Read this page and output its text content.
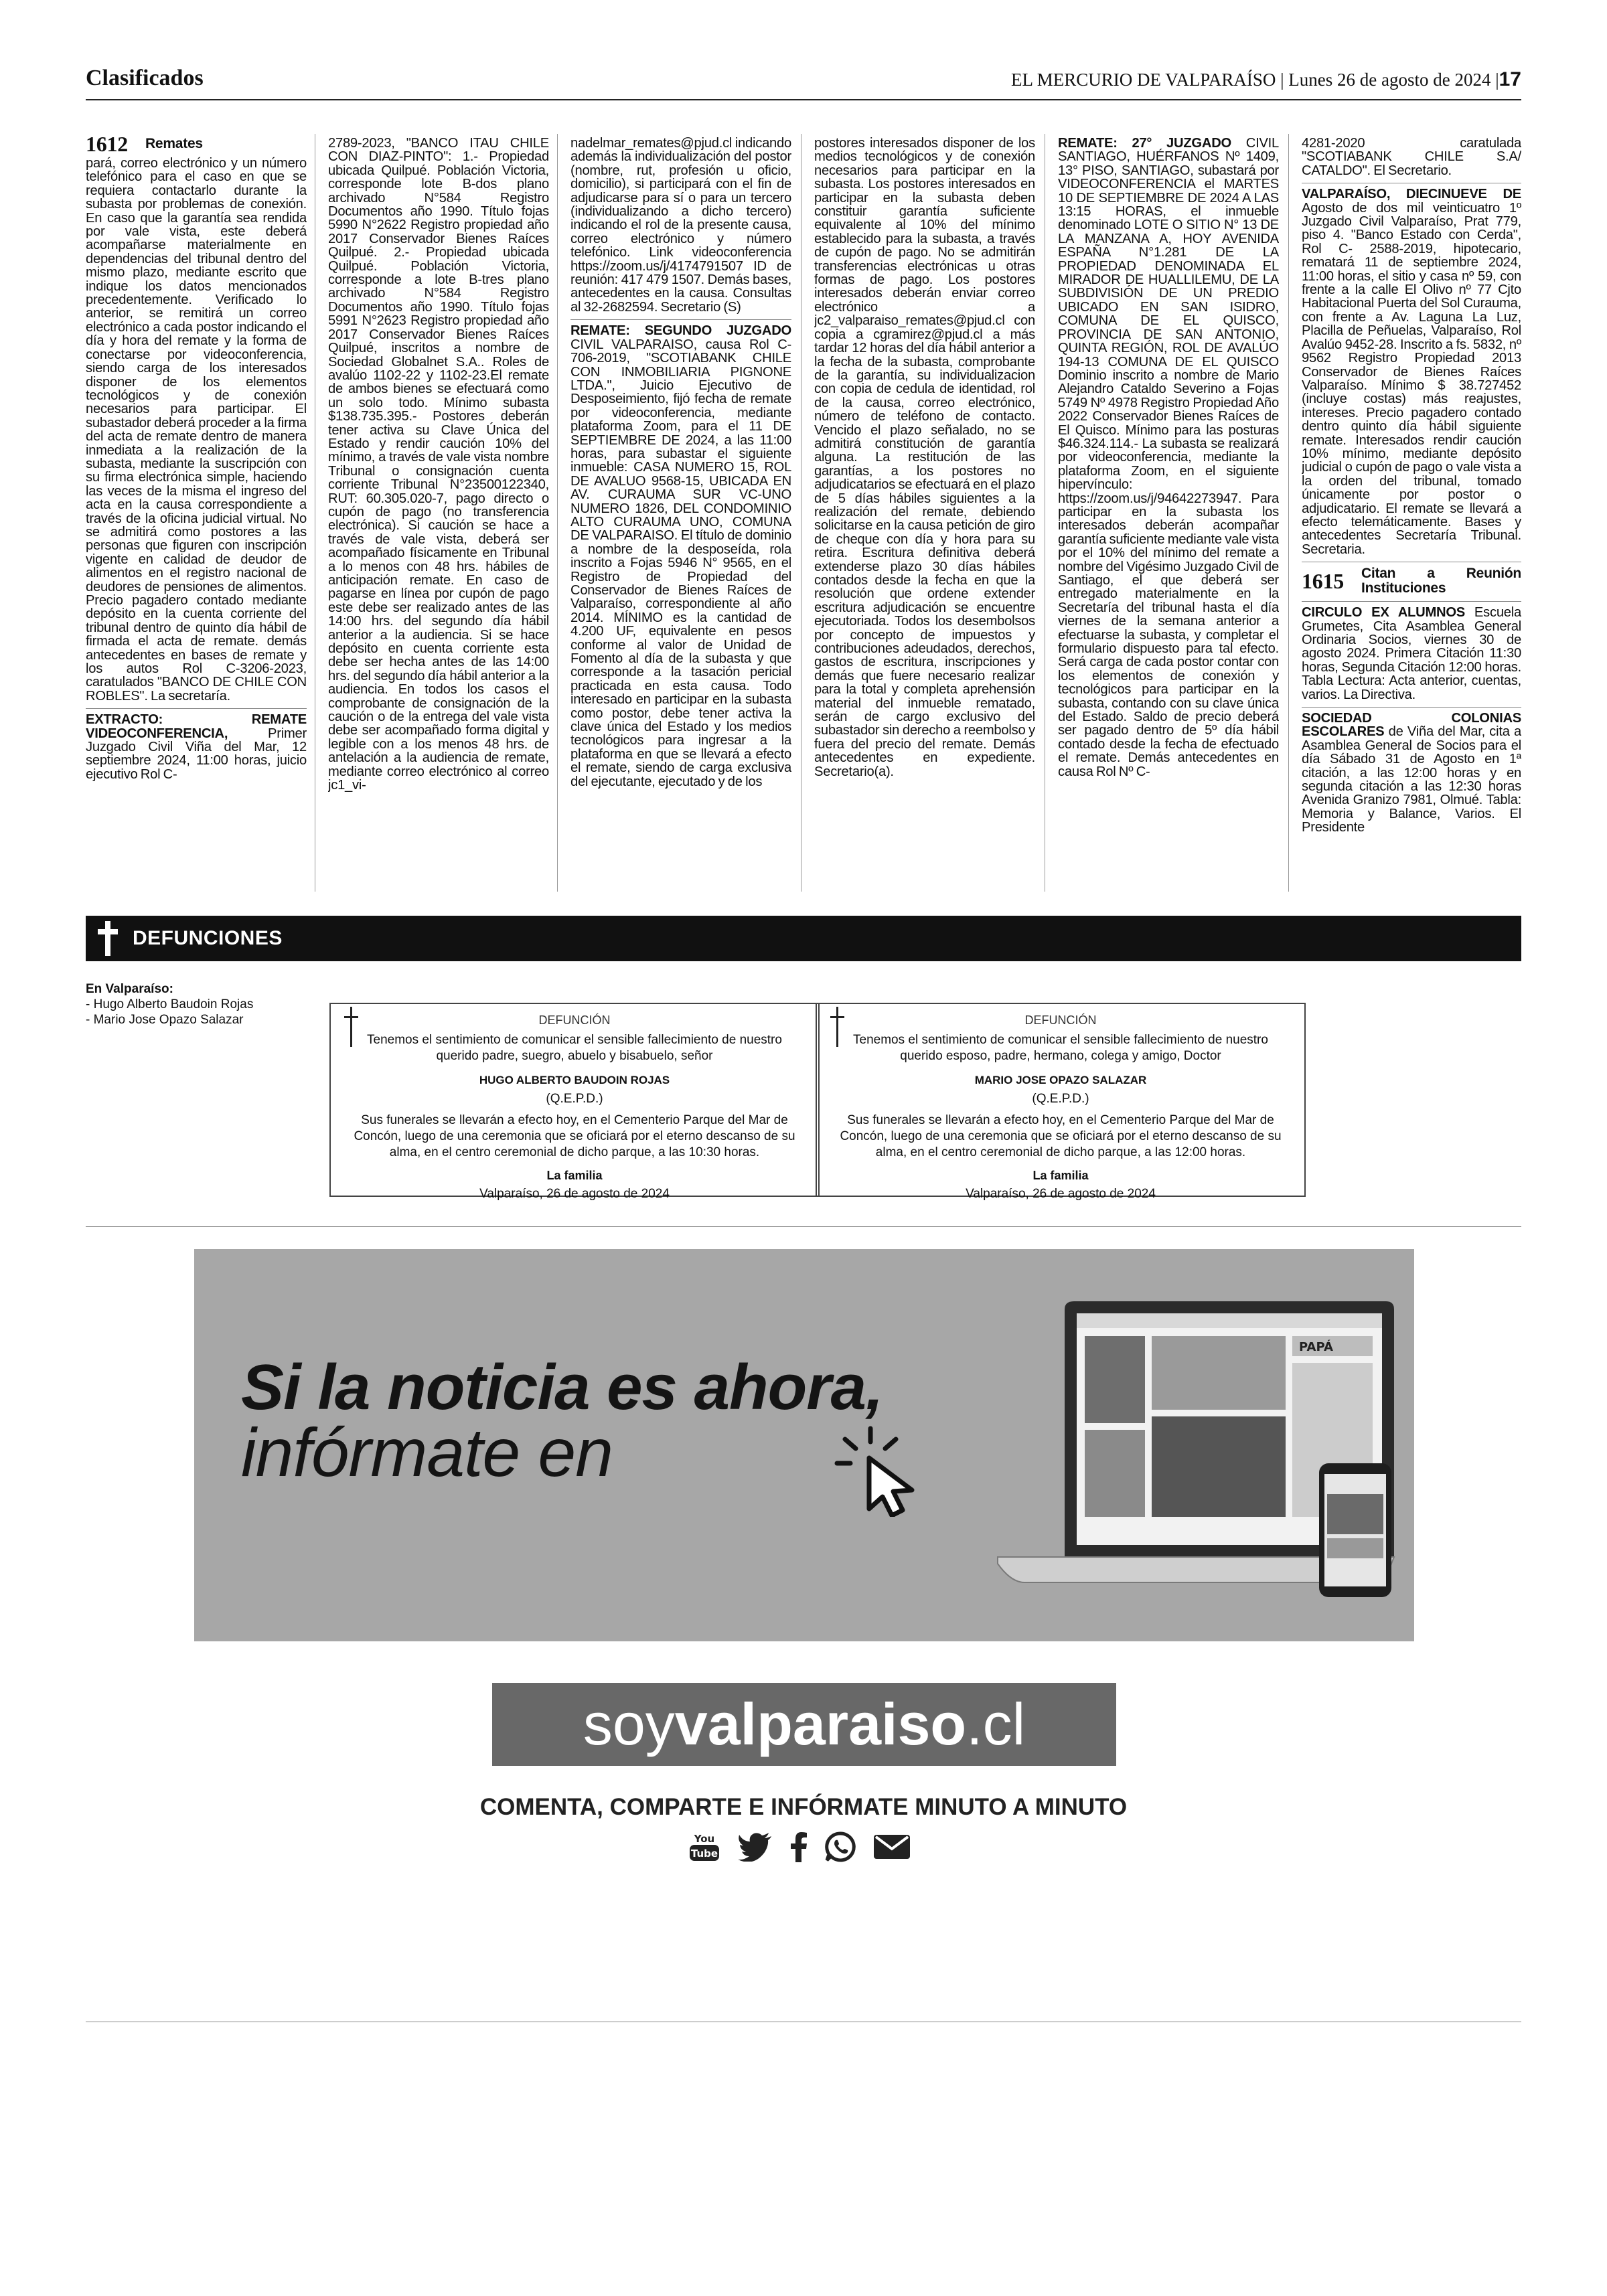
Clasificados	EL MERCURIO DE VALPARAÍSO | Lunes 26 de agosto de 2024 |17
1612 Remates

pará, correo electrónico y un número telefónico para el caso en que se requiera contactarlo durante la subasta por problemas de conexión. En caso que la garantía sea rendida por vale vista, este deberá acompañarse materialmente en dependencias del tribunal dentro del mismo plazo, mediante escrito que indique los datos mencionados precedentemente. Verificado lo anterior, se remitirá un correo electrónico a cada postor indicando el día y hora del remate y la forma de conectarse por videoconferencia, siendo carga de los interesados disponer de los elementos tecnológicos y de conexión necesarios para participar. El subastador deberá proceder a la firma del acta de remate dentro de manera inmediata a la realización de la subasta, mediante la suscripción con su firma electrónica simple, haciendo las veces de la misma el ingreso del acta en la causa correspondiente a través de la oficina judicial virtual. No se admitirá como postores a las personas que figuren con inscripción vigente en calidad de deudor de alimentos en el registro nacional de deudores de pensiones de alimentos. Precio pagadero contado mediante depósito en la cuenta corriente del tribunal dentro de quinto día hábil de firmada el acta de remate. demás antecedentes en bases de remate y los autos Rol C-3206-2023, caratulados "BANCO DE CHILE CON ROBLES". La secretaría.

EXTRACTO: REMATE VIDEOCONFERENCIA, Primer Juzgado Civil Viña del Mar, 12 septiembre 2024, 11:00 horas, juicio ejecutivo Rol C-

2789-2023, "BANCO ITAU CHILE CON DIAZ-PINTO": 1.- Propiedad ubicada Quilpué. Población Victoria, corresponde lote B-dos plano archivado N°584 Registro Documentos año 1990. Título fojas 5990 N°2622 Registro propiedad año 2017 Conservador Bienes Raíces Quilpué. 2.- Propiedad ubicada Quilpué. Población Victoria, corresponde a lote B-tres plano archivado N°584 Registro Documentos año 1990. Título fojas 5991 N°2623 Registro propiedad año 2017 Conservador Bienes Raíces Quilpué, inscritos a nombre de Sociedad Globalnet S.A.. Roles de avalúo 1102-22 y 1102-23.El remate de ambos bienes se efectuará como un solo todo. Mínimo subasta $138.735.395.- Postores deberán tener activa su Clave Única del Estado y rendir caución 10% del mínimo, a través de vale vista nombre Tribunal o consignación cuenta corriente Tribunal N°23500122340, RUT: 60.305.020-7, pago directo o cupón de pago (no transferencia electrónica). Si caución se hace a través de vale vista, deberá ser acompañado físicamente en Tribunal a lo menos con 48 hrs. hábiles de anticipación remate. En caso de pagarse en línea por cupón de pago este debe ser realizado antes de las 14:00 hrs. del segundo día hábil anterior a la audiencia. Si se hace depósito en cuenta corriente esta debe ser hecha antes de las 14:00 hrs. del segundo día hábil anterior a la audiencia. En todos los casos el comprobante de consignación de la caución o de la entrega del vale vista debe ser acompañado forma digital y legible con a los menos 48 hrs. de antelación a la audiencia de remate, mediante correo electrónico al correo jc1_vi-

nadelmar_remates@pjud.cl indicando además la individualización del postor (nombre, rut, profesión u oficio, domicilio), si participará con el fin de adjudicarse para sí o para un tercero (individualizando a dicho tercero) indicando el rol de la presente causa, correo electrónico y número telefónico. Link videoconferencia https://zoom.us/j/4174791507 ID de reunión: 417 479 1507. Demás bases, antecedentes en la causa. Consultas al 32-2682594. Secretario (S)

REMATE: SEGUNDO JUZGADO CIVIL VALPARAISO, causa Rol C-706-2019, "SCOTIABANK CHILE CON INMOBILIARIA PIGNONE LTDA.", Juicio Ejecutivo de Desposeimiento, fijó fecha de remate por videoconferencia, mediante plataforma Zoom, para el 11 DE SEPTIEMBRE DE 2024, a las 11:00 horas, para subastar el siguiente inmueble: CASA NUMERO 15, ROL DE AVALUO 9568-15, UBICADA EN AV. CURAUMA SUR VC-UNO NUMERO 1826, DEL CONDOMINIO ALTO CURAUMA UNO, COMUNA DE VALPARAISO. El título de dominio a nombre de la desposeída, rola inscrito a Fojas 5946 N° 9565, en el Registro de Propiedad del Conservador de Bienes Raíces de Valparaíso, correspondiente al año 2014. MÍNIMO es la cantidad de 4.200 UF, equivalente en pesos conforme al valor de Unidad de Fomento al día de la subasta y que corresponde a la tasación pericial practicada en esta causa. Todo interesado en participar en la subasta como postor, debe tener activa la clave única del Estado y los medios tecnológicos para ingresar a la plataforma en que se llevará a efecto el remate, siendo de carga exclusiva del ejecutante, ejecutado y de los

postores interesados disponer de los medios tecnológicos y de conexión necesarios para participar en la subasta. Los postores interesados en participar en la subasta deben constituir garantía suficiente equivalente al 10% del mínimo establecido para la subasta, a través de cupón de pago. No se admitirán transferencias electrónicas u otras formas de pago. Los postores interesados deberán enviar correo electrónico a jc2_valparaiso_remates@pjud.cl con copia a cgramirez@pjud.cl a más tardar 12 horas del día hábil anterior a la fecha de la subasta, comprobante de la garantía, su individualizacion con copia de cedula de identidad, rol de la causa, correo electrónico, número de teléfono de contacto. Vencido el plazo señalado, no se admitirá constitución de garantía alguna. La restitución de las garantías, a los postores no adjudicatarios se efectuará en el plazo de 5 días hábiles siguientes a la realización del remate, debiendo solicitarse en la causa petición de giro de cheque con día y hora para su retira. Escritura definitiva deberá extenderse plazo 30 días hábiles contados desde la fecha en que la resolución que ordene extender escritura adjudicación se encuentre ejecutoriada. Todos los desembolsos por concepto de impuestos y contribuciones adeudados, derechos, gastos de escritura, inscripciones y demás que fuere necesario realizar para la total y completa aprehensión material del inmueble rematado, serán de cargo exclusivo del subastador sin derecho a reembolso y fuera del precio del remate. Demás antecedentes en expediente. Secretario(a).

REMATE: 27° JUZGADO CIVIL SANTIAGO, HUÉRFANOS Nº 1409, 13° PISO, SANTIAGO, subastará por VIDEOCONFERENCIA el MARTES 10 DE SEPTIEMBRE DE 2024 A LAS 13:15 HORAS, el inmueble denominado LOTE O SITIO N° 13 DE LA MANZANA A, HOY AVENIDA ESPAÑA N°1.281 DE LA PROPIEDAD DENOMINADA EL MIRADOR DE HUALLILEMU, DE LA SUBDIVISIÓN DE UN PREDIO UBICADO EN SAN ISIDRO, COMUNA DE EL QUISCO, PROVINCIA DE SAN ANTONIO, QUINTA REGIÓN, ROL DE AVALÚO 194-13 COMUNA DE EL QUISCO Dominio inscrito a nombre de Mario Alejandro Cataldo Severino a Fojas 5749 Nº 4978 Registro Propiedad Año 2022 Conservador Bienes Raíces de El Quisco. Mínimo para las posturas $46.324.114.- La subasta se realizará por videoconferencia, mediante la plataforma Zoom, en el siguiente hipervínculo: https://zoom.us/j/94642273947. Para participar en la subasta los interesados deberán acompañar garantía suficiente mediante vale vista por el 10% del mínimo del remate a nombre del Vigésimo Juzgado Civil de Santiago, el que deberá ser entregado materialmente en la Secretaría del tribunal hasta el día viernes de la semana anterior a efectuarse la subasta, y completar el formulario dispuesto para tal efecto. Será carga de cada postor contar con los elementos de conexión y tecnológicos para participar en la subasta, contando con su clave única del Estado. Saldo de precio deberá ser pagado dentro de 5º día hábil contado desde la fecha de efectuado el remate. Demás antecedentes en causa Rol Nº C-

4281-2020 caratulada "SCOTIABANK CHILE S.A/ CATALDO". El Secretario.

VALPARAÍSO, DIECINUEVE DE Agosto de dos mil veinticuatro 1º Juzgado Civil Valparaíso, Prat 779, piso 4. "Banco Estado con Cerda", Rol C- 2588-2019, hipotecario, rematará 11 de septiembre 2024, 11:00 horas, el sitio y casa nº 59, con frente a la calle El Olivo nº 77 Cjto Habitacional Puerta del Sol Curauma, con frente a Av. Laguna La Luz, Placilla de Peñuelas, Valparaíso, Rol Avalúo 9452-28. Inscrito a fs. 5832, nº 9562 Registro Propiedad 2013 Conservador de Bienes Raíces Valparaíso. Mínimo $ 38.727452 (incluye costas) más reajustes, intereses. Precio pagadero contado dentro quinto día hábil siguiente remate. Interesados rendir caución 10% mínimo, mediante depósito judicial o cupón de pago o vale vista a la orden del tribunal, tomado únicamente por postor o adjudicatario. El remate se llevará a efecto telemáticamente. Bases y antecedentes Secretaría Tribunal. Secretaria.

1615 Citan a Reunión Instituciones

CIRCULO EX ALUMNOS Escuela Grumetes, Cita Asamblea General Ordinaria Socios, viernes 30 de agosto 2024. Primera Citación 11:30 horas, Segunda Citación 12:00 horas. Tabla Lectura: Acta anterior, cuentas, varios. La Directiva.

SOCIEDAD COLONIAS ESCOLARES de Viña del Mar, cita a Asamblea General de Socios para el día Sábado 31 de Agosto en 1ª citación, a las 12:00 horas y en segunda citación a las 12:30 horas Avenida Granizo 7981, Olmué. Tabla: Memoria y Balance, Varios. El Presidente

DEFUNCIONES
En Valparaíso:
- Hugo Alberto Baudoin Rojas
- Mario Jose Opazo Salazar	DEFUNCIÓN
Tenemos el sentimiento de comunicar el sensible fallecimiento de nuestro querido padre, suegro, abuelo y bisabuelo, señor
HUGO ALBERTO BAUDOIN ROJAS
(Q.E.P.D.)
Sus funerales se llevarán a efecto hoy, en el Cementerio Parque del Mar de Concón, luego de una ceremonia que se oficiará por el eterno descanso de su alma, en el centro ceremonial de dicho parque, a las 10:30 horas.
La familia
Valparaíso, 26 de agosto de 2024
DEFUNCIÓN
Tenemos el sentimiento de comunicar el sensible fallecimiento de nuestro querido esposo, padre, hermano, colega y amigo, Doctor
MARIO JOSE OPAZO SALAZAR
(Q.E.P.D.)
Sus funerales se llevarán a efecto hoy, en el Cementerio Parque del Mar de Concón, luego de una ceremonia que se oficiará por el eterno descanso de su alma, en el centro ceremonial de dicho parque, a las 12:00 horas.
La familia
Valparaíso, 26 de agosto de 2024
Si la noticia es ahora,
infórmate en
PAPÁ
soyvalparaiso.cl
COMENTA, COMPARTE E INFÓRMATE MINUTO A MINUTO
You
Tube
